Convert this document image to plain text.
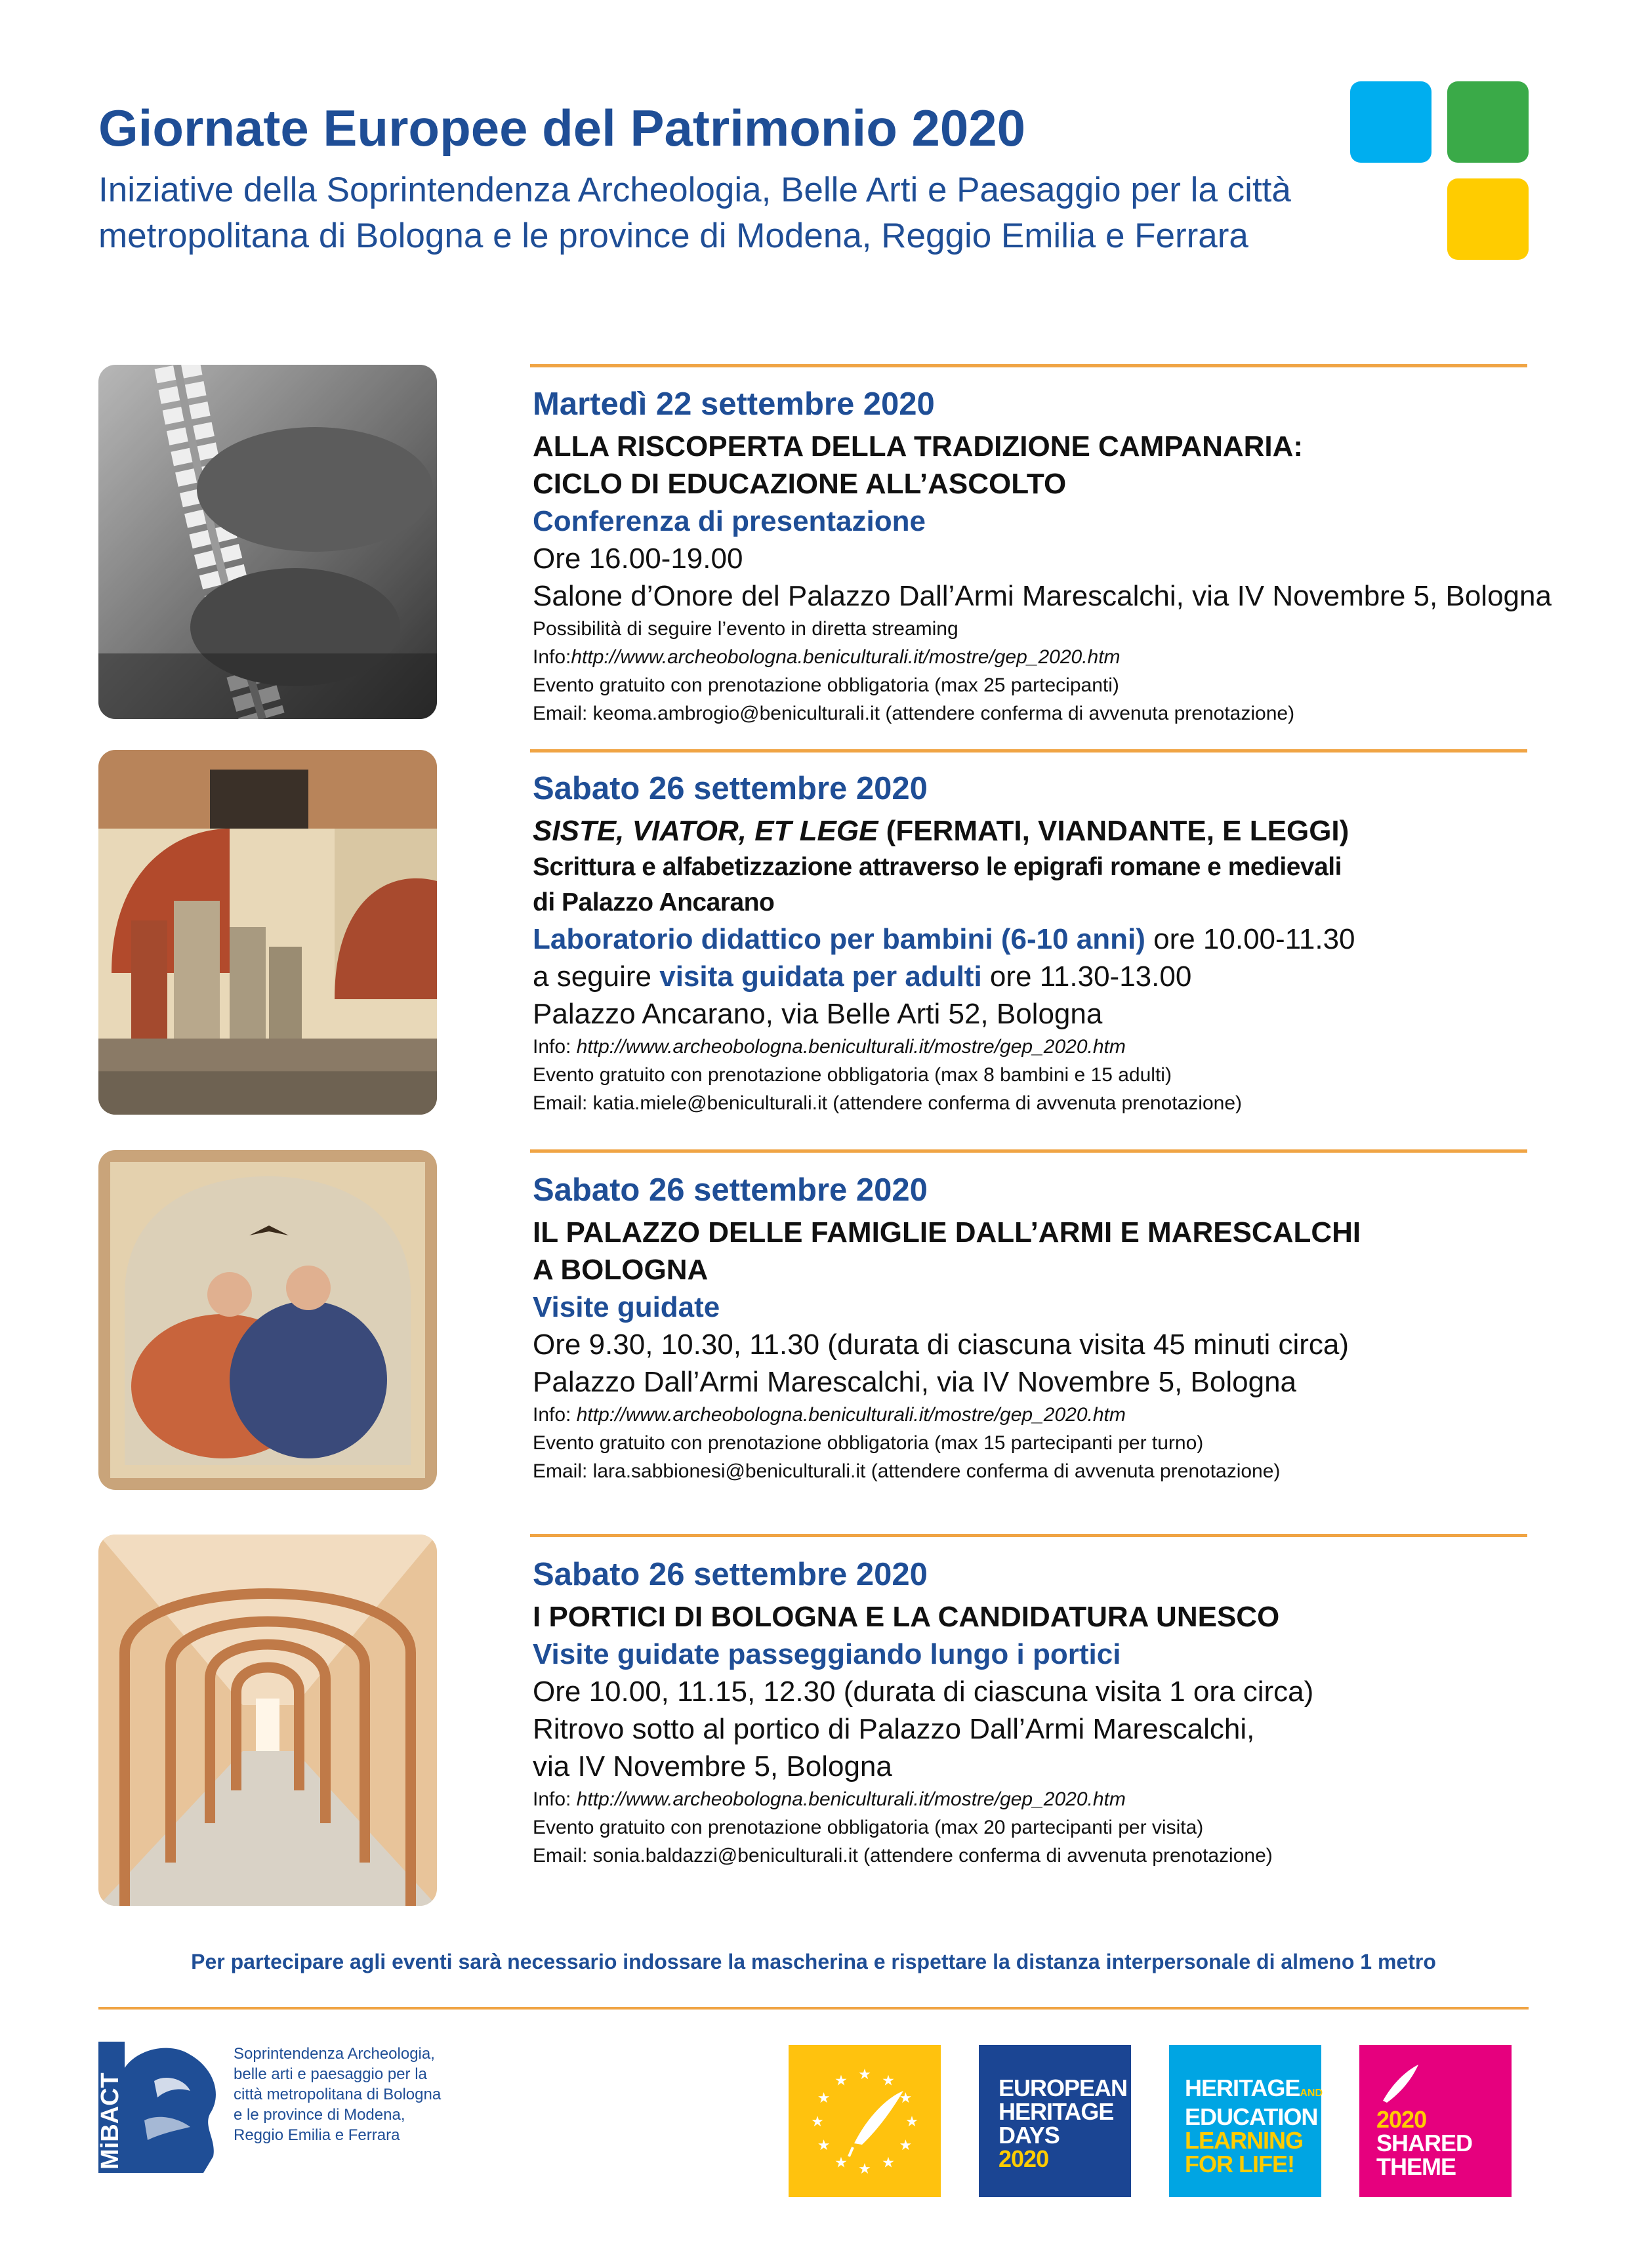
Giornate Europee del Patrimonio 2020
Iniziative della Soprintendenza Archeologia, Belle Arti e Paesaggio per la città
metropolitana di Bologna e le province di Modena, Reggio Emilia e Ferrara
Martedì 22 settembre 2020
ALLA RISCOPERTA DELLA TRADIZIONE CAMPANARIA:
CICLO DI EDUCAZIONE ALL’ASCOLTO
Conferenza di presentazione
Ore 16.00-19.00
Salone d’Onore del Palazzo Dall’Armi Marescalchi, via IV Novembre 5, Bologna
Possibilità di seguire l’evento in diretta streaming
Info:http://www.archeobologna.beniculturali.it/mostre/gep_2020.htm
Evento gratuito con prenotazione obbligatoria (max 25 partecipanti)
Email: keoma.ambrogio@beniculturali.it (attendere conferma di avvenuta prenotazione)
Sabato 26 settembre 2020
SISTE, VIATOR, ET LEGE (FERMATI, VIANDANTE, E LEGGI)
Scrittura e alfabetizzazione attraverso le epigrafi romane e medievali
di Palazzo Ancarano
Laboratorio didattico per bambini (6-10 anni) ore 10.00-11.30
a seguire visita guidata per adulti ore 11.30-13.00
Palazzo Ancarano, via Belle Arti 52, Bologna
Info: http://www.archeobologna.beniculturali.it/mostre/gep_2020.htm
Evento gratuito con prenotazione obbligatoria (max 8 bambini e 15 adulti)
Email: katia.miele@beniculturali.it (attendere conferma di avvenuta prenotazione)
Sabato 26 settembre 2020
IL PALAZZO DELLE FAMIGLIE DALL’ARMI E MARESCALCHI
A BOLOGNA
Visite guidate
Ore 9.30, 10.30, 11.30 (durata di ciascuna visita 45 minuti circa)
Palazzo Dall’Armi Marescalchi, via IV Novembre 5, Bologna
Info: http://www.archeobologna.beniculturali.it/mostre/gep_2020.htm
Evento gratuito con prenotazione obbligatoria (max 15 partecipanti per turno)
Email: lara.sabbionesi@beniculturali.it (attendere conferma di avvenuta prenotazione)
Sabato 26 settembre 2020
I PORTICI DI BOLOGNA E LA CANDIDATURA UNESCO
Visite guidate passeggiando lungo i portici
Ore 10.00, 11.15, 12.30 (durata di ciascuna visita 1 ora circa)
Ritrovo sotto al portico di Palazzo Dall’Armi Marescalchi,
via IV Novembre 5, Bologna
Info: http://www.archeobologna.beniculturali.it/mostre/gep_2020.htm
Evento gratuito con prenotazione obbligatoria (max 20 partecipanti per visita)
Email: sonia.baldazzi@beniculturali.it (attendere conferma di avvenuta prenotazione)
Per partecipare agli eventi sarà necessario indossare la mascherina e rispettare la distanza interpersonale di almeno 1 metro
MiBACT
Soprintendenza Archeologia,
belle arti e paesaggio per la
città metropolitana di Bologna
e le province di Modena,
Reggio Emilia e Ferrara
★
★
★
★
★
★
★
★
★ ★ ★
★	EUROPEAN
HERITAGE
DAYS
2020
HERITAGEAND
EDUCATION
LEARNING
FOR LIFE!
2020
SHARED
THEME
